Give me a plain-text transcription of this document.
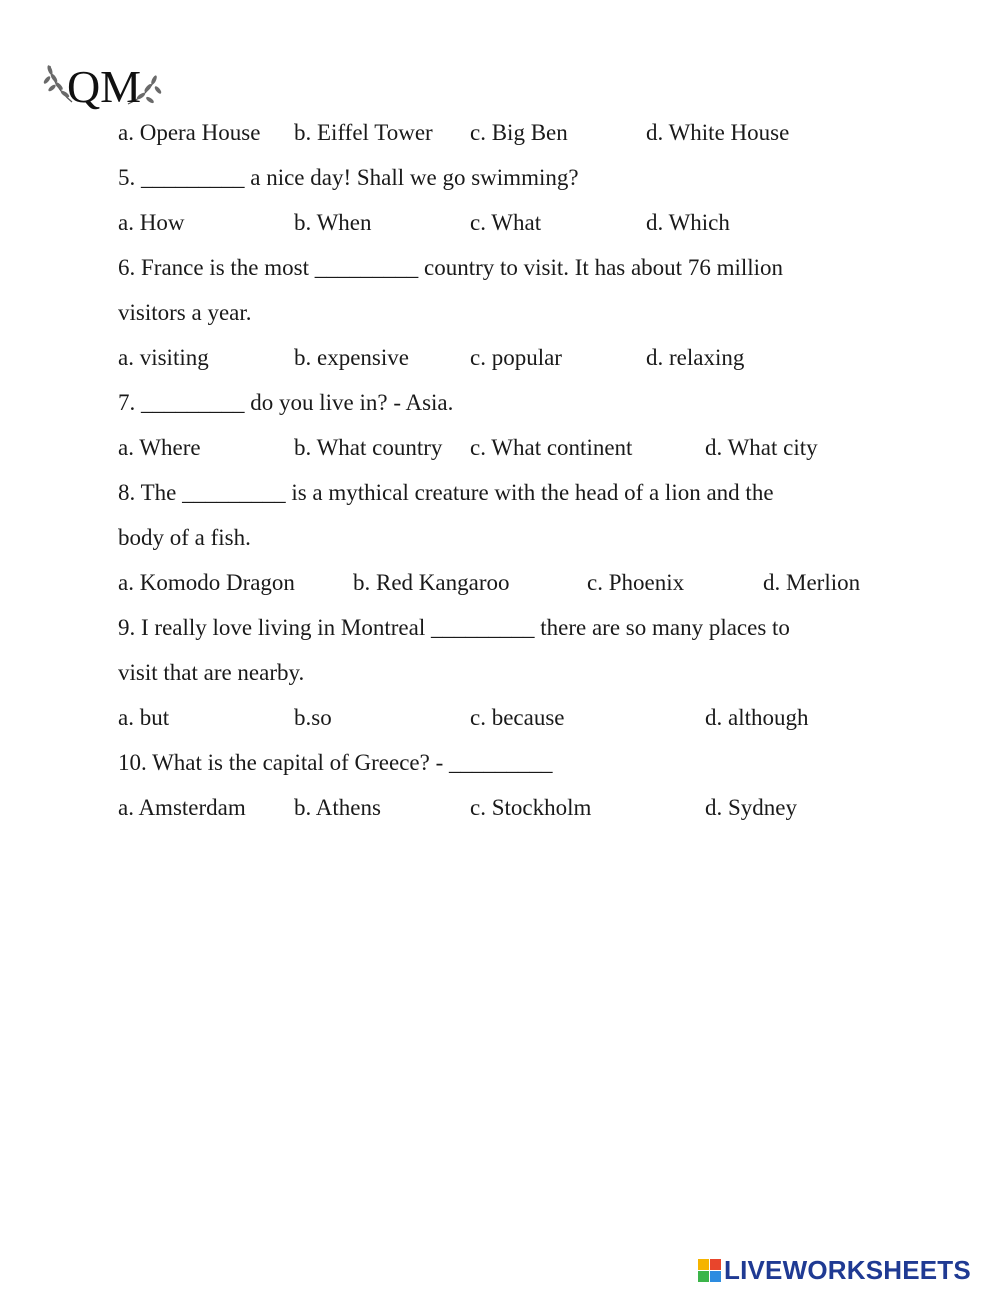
QM
a. Opera House b. Eiffel Tower c. Big Ben	d. White House
5. _________ a nice day! Shall we go swimming?
a. How	b. When	c. What	d. Which
6. France is the most _________ country to visit. It has about 76 million
visitors a year.
a. visiting	b. expensive	c. popular	d. relaxing
7. _________ do you live in? - Asia.
a. Where	b. What country c. What continent	d. What city
8. The _________ is a mythical creature with the head of a lion and the
body of a fish.
a. Komodo Dragon	b. Red Kangaroo	c. Phoenix	d. Merlion
9. I really love living in Montreal _________ there are so many places to
visit that are nearby.
a. but	b.so	c. because	d. although
10. What is the capital of Greece? - _________
a. Amsterdam b. Athens	c. Stockholm	d. Sydney
LIVEWORKSHEETS
